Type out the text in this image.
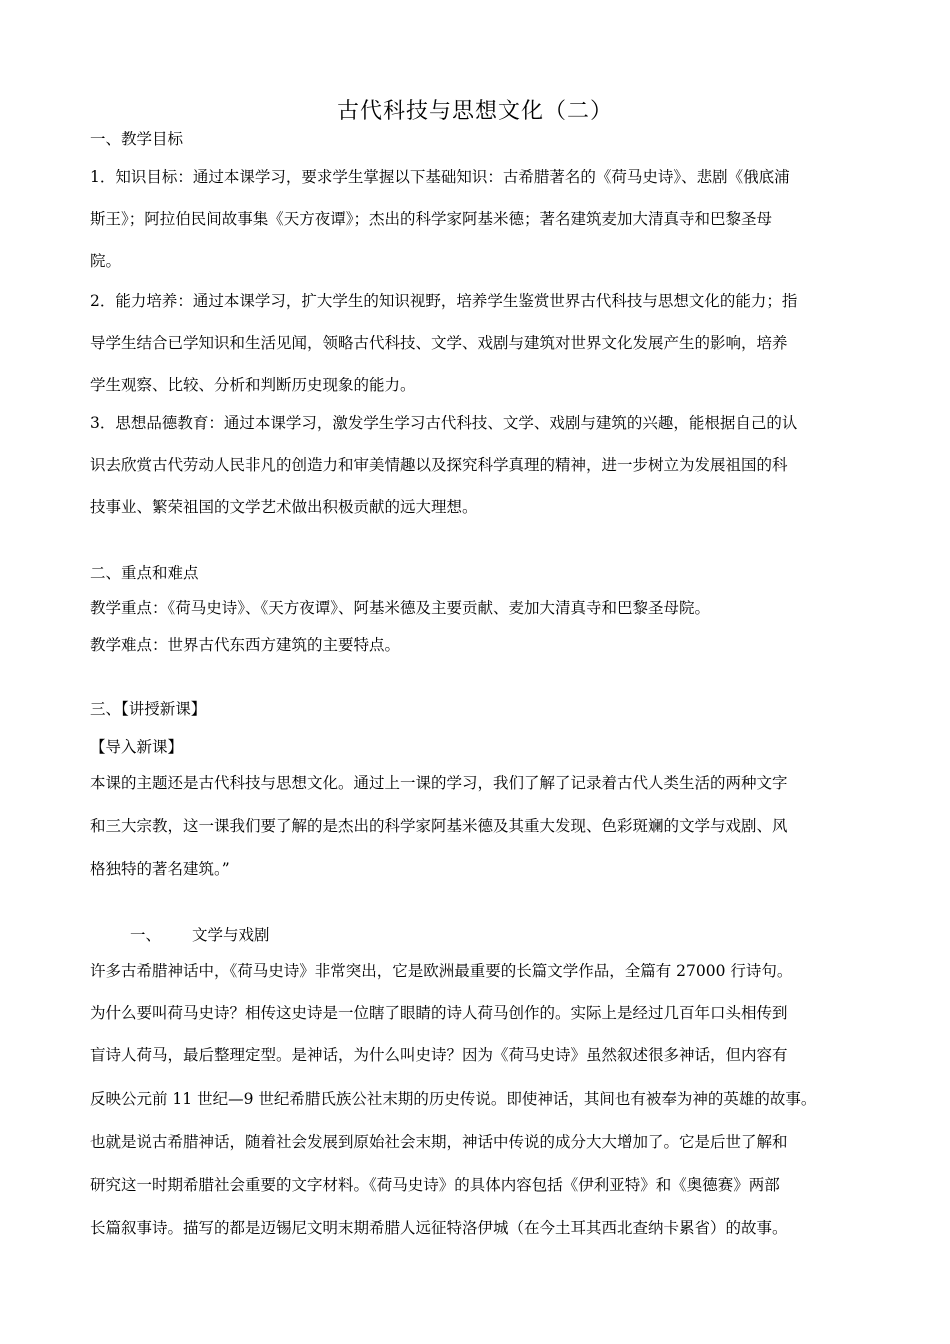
古代科技与思想文化（二）
一、教学目标
1．知识目标：通过本课学习，要求学生掌握以下基础知识：古希腊著名的《荷马史诗》、悲剧《俄底浦
斯王》；阿拉伯民间故事集《天方夜谭》；杰出的科学家阿基米德；著名建筑麦加大清真寺和巴黎圣母
院。
2．能力培养：通过本课学习，扩大学生的知识视野，培养学生鉴赏世界古代科技与思想文化的能力；指
导学生结合已学知识和生活见闻，领略古代科技、文学、戏剧与建筑对世界文化发展产生的影响，培养
学生观察、比较、分析和判断历史现象的能力。
3．思想品德教育：通过本课学习，激发学生学习古代科技、文学、戏剧与建筑的兴趣，能根据自己的认
识去欣赏古代劳动人民非凡的创造力和审美情趣以及探究科学真理的精神，进一步树立为发展祖国的科
技事业、繁荣祖国的文学艺术做出积极贡献的远大理想。
二、重点和难点
教学重点：《荷马史诗》、《天方夜谭》、阿基米德及主要贡献、麦加大清真寺和巴黎圣母院。
教学难点：世界古代东西方建筑的主要特点。
三、【讲授新课】
【导入新课】
本课的主题还是古代科技与思想文化。通过上一课的学习，我们了解了记录着古代人类生活的两种文字
和三大宗教，这一课我们要了解的是杰出的科学家阿基米德及其重大发现、色彩斑斓的文学与戏剧、风
格独特的著名建筑。”
一、 文学与戏剧
许多古希腊神话中，《荷马史诗》非常突出，它是欧洲最重要的长篇文学作品，全篇有 27000 行诗句。
为什么要叫荷马史诗？相传这史诗是一位瞎了眼睛的诗人荷马创作的。实际上是经过几百年口头相传到
盲诗人荷马，最后整理定型。是神话，为什么叫史诗？因为《荷马史诗》虽然叙述很多神话，但内容有
反映公元前 11 世纪—9 世纪希腊氏族公社末期的历史传说。即使神话，其间也有被奉为神的英雄的故事。
也就是说古希腊神话，随着社会发展到原始社会末期，神话中传说的成分大大增加了。它是后世了解和
研究这一时期希腊社会重要的文字材料。《荷马史诗》的具体内容包括《伊利亚特》和《奥德赛》两部
长篇叙事诗。描写的都是迈锡尼文明末期希腊人远征特洛伊城（在今土耳其西北查纳卡累省）的故事。
